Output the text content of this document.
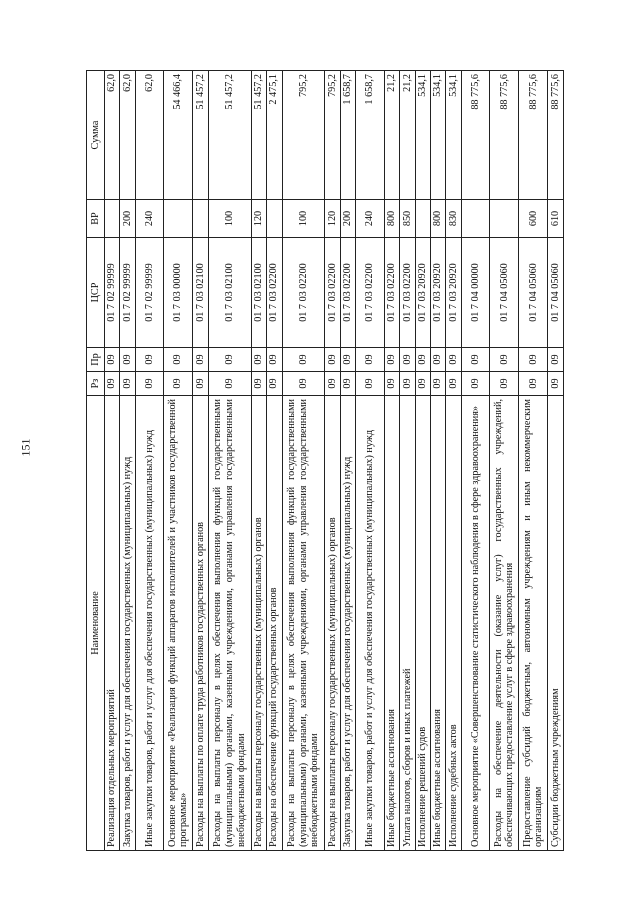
151
Наименование	Рз	Пр	ЦСР	ВР	Сумма
Реализация отдельных мероприятий	09	09	01 7 02 99999		62,0
Закупка товаров, работ и услуг для обеспечения государственных (муниципальных) нужд	09	09	01 7 02 99999	200	62,0
Иные закупки товаров, работ и услуг для обеспечения государственных (муниципальных) нужд	09	09	01 7 02 99999	240	62,0
Основное мероприятие «Реализация функций аппаратов исполнителей и участников государственной программы»	09	09	01 7 03 00000		54 466,4
Расходы на выплаты по оплате труда работников государственных органов	09	09	01 7 03 02100		51 457,2
Расходы на выплаты персоналу в целях обеспечения выполнения функций государственными (муниципальными) органами, казенными учреждениями, органами управления государственными внебюджетными фондами	09	09	01 7 03 02100	100	51 457,2
Расходы на выплаты персоналу государственных (муниципальных) органов	09	09	01 7 03 02100	120	51 457,2
Расходы на обеспечение функций государственных органов	09	09	01 7 03 02200		2 475,1
Расходы на выплаты персоналу в целях обеспечения выполнения функций государственными (муниципальными) органами, казенными учреждениями, органами управления государственными внебюджетными фондами	09	09	01 7 03 02200	100	795,2
Расходы на выплаты персоналу государственных (муниципальных) органов	09	09	01 7 03 02200	120	795,2
Закупка товаров, работ и услуг для обеспечения государственных (муниципальных) нужд	09	09	01 7 03 02200	200	1 658,7
Иные закупки товаров, работ и услуг для обеспечения государственных (муниципальных) нужд	09	09	01 7 03 02200	240	1 658,7
Иные бюджетные ассигнования	09	09	01 7 03 02200	800	21,2
Уплата налогов, сборов и иных платежей	09	09	01 7 03 02200	850	21,2
Исполнение решений судов	09	09	01 7 03 20920		534,1
Иные бюджетные ассигнования	09	09	01 7 03 20920	800	534,1
Исполнение судебных актов	09	09	01 7 03 20920	830	534,1
Основное мероприятие «Совершенствование статистического наблюдения в сфере здравоохранения»	09	09	01 7 04 00000		88 775,6
Расходы на обеспечение деятельности (оказание услуг) государственных учреждений, обеспечивающих предоставление услуг в сфере здравоохранения	09	09	01 7 04 05060		88 775,6
Предоставление субсидий бюджетным, автономным учреждениям и иным некоммерческим организациям	09	09	01 7 04 05060	600	88 775,6
Субсидии бюджетным учреждениям	09	09	01 7 04 05060	610	88 775,6
